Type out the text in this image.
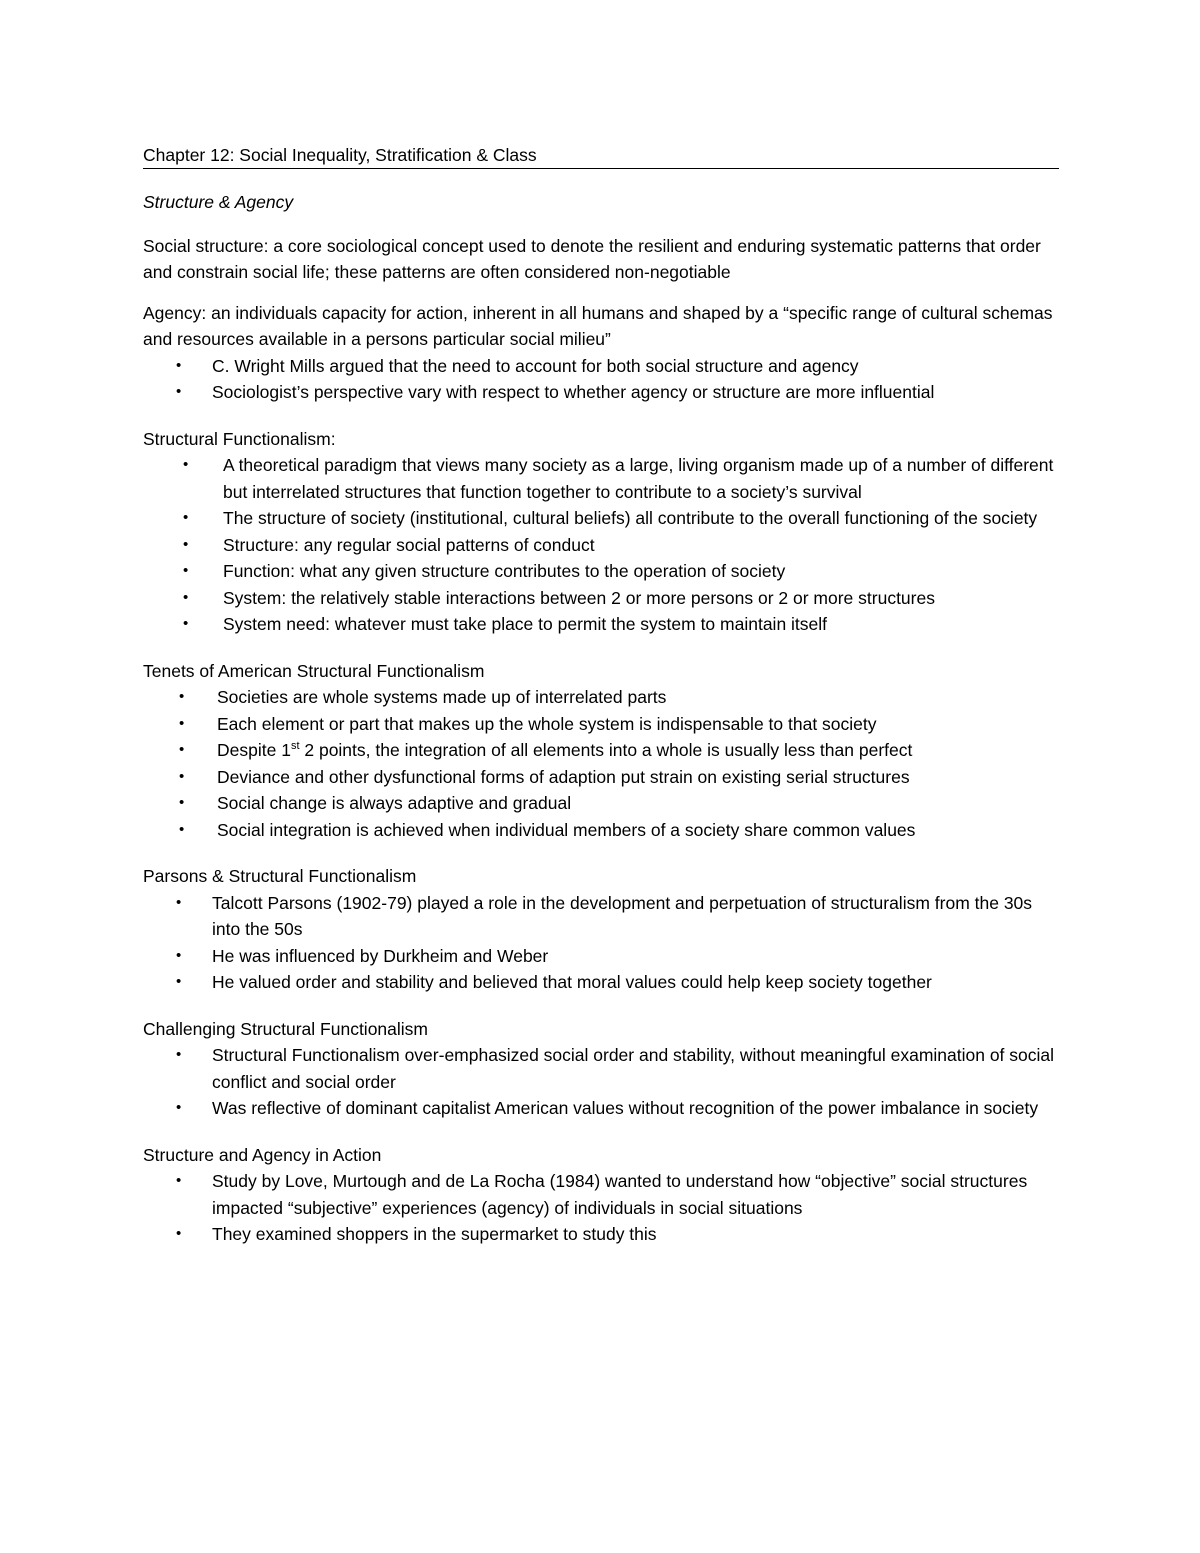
Chapter 12: Social Inequality, Stratification & Class

Structure & Agency

Social structure: a core sociological concept used to denote the resilient and enduring systematic patterns that order and constrain social life; these patterns are often considered non-negotiable

Agency: an individuals capacity for action, inherent in all humans and shaped by a “specific range of cultural schemas and resources available in a persons particular social milieu”

• C. Wright Mills argued that the need to account for both social structure and agency
• Sociologist’s perspective vary with respect to whether agency or structure are more influential

Structural Functionalism:

• A theoretical paradigm that views many society as a large, living organism made up of a number of different but interrelated structures that function together to contribute to a society’s survival
• The structure of society (institutional, cultural beliefs) all contribute to the overall functioning of the society
• Structure: any regular social patterns of conduct
• Function: what any given structure contributes to the operation of society
• System: the relatively stable interactions between 2 or more persons or 2 or more structures
• System need: whatever must take place to permit the system to maintain itself

Tenets of American Structural Functionalism

• Societies are whole systems made up of interrelated parts
• Each element or part that makes up the whole system is indispensable to that society
• Despite 1st 2 points, the integration of all elements into a whole is usually less than perfect
• Deviance and other dysfunctional forms of adaption put strain on existing serial structures
• Social change is always adaptive and gradual
• Social integration is achieved when individual members of a society share common values

Parsons & Structural Functionalism

• Talcott Parsons (1902-79) played a role in the development and perpetuation of structuralism from the 30s into the 50s
• He was influenced by Durkheim and Weber
• He valued order and stability and believed that moral values could help keep society together

Challenging Structural Functionalism

• Structural Functionalism over-emphasized social order and stability, without meaningful examination of social conflict and social order
• Was reflective of dominant capitalist American values without recognition of the power imbalance in society

Structure and Agency in Action

• Study by Love, Murtough and de La Rocha (1984) wanted to understand how “objective” social structures impacted “subjective” experiences (agency) of individuals in social situations
• They examined shoppers in the supermarket to study this
